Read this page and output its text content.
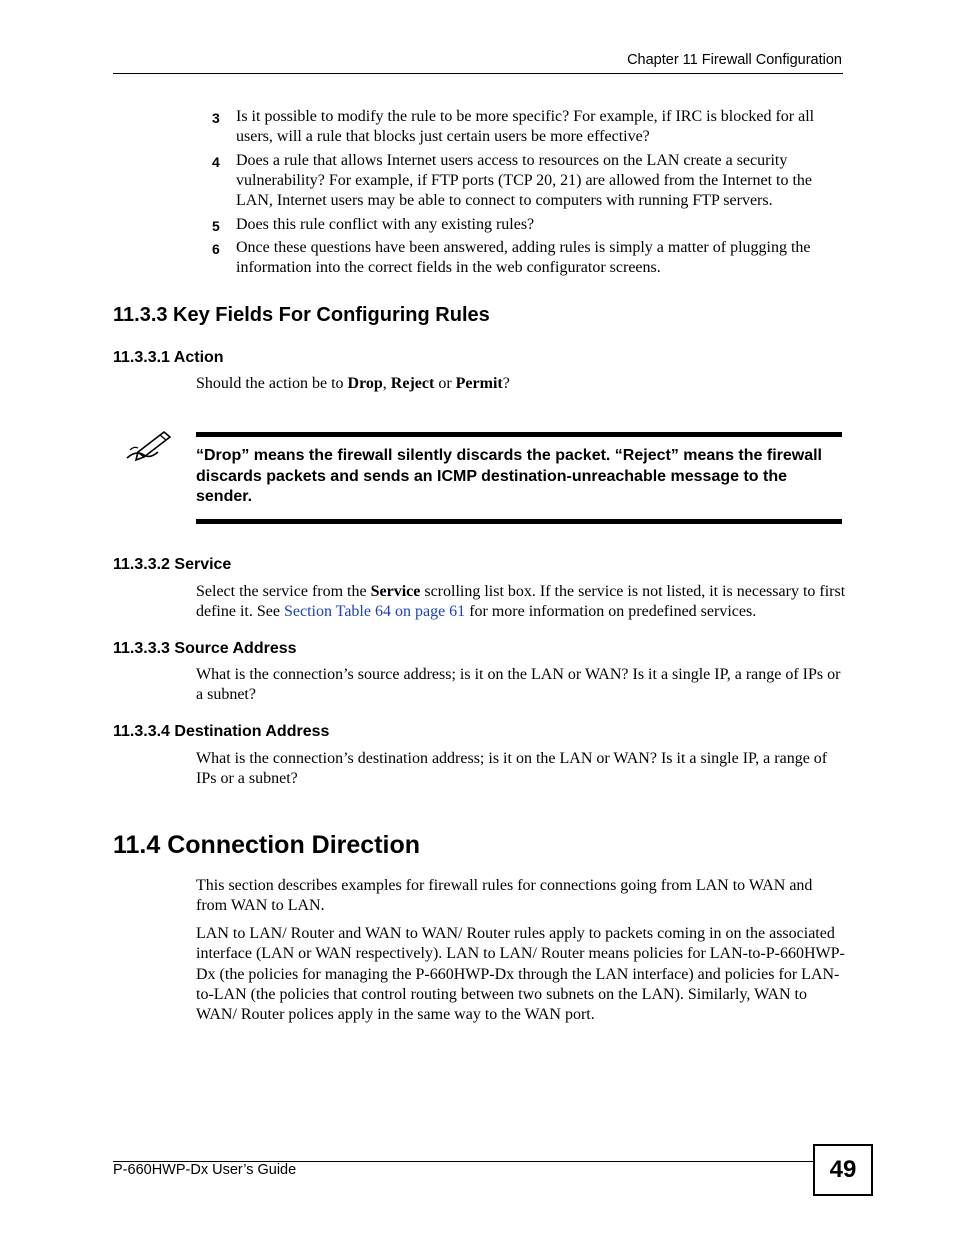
Chapter 11 Firewall Configuration
3 Is it possible to modify the rule to be more specific? For example, if IRC is blocked for all users, will a rule that blocks just certain users be more effective?
4 Does a rule that allows Internet users access to resources on the LAN create a security vulnerability? For example, if FTP ports (TCP 20, 21) are allowed from the Internet to the LAN, Internet users may be able to connect to computers with running FTP servers.
5 Does this rule conflict with any existing rules?
6 Once these questions have been answered, adding rules is simply a matter of plugging the information into the correct fields in the web configurator screens.
11.3.3 Key Fields For Configuring Rules
11.3.3.1 Action
Should the action be to Drop, Reject or Permit?
“Drop” means the firewall silently discards the packet. “Reject” means the firewall discards packets and sends an ICMP destination-unreachable message to the sender.
11.3.3.2 Service
Select the service from the Service scrolling list box. If the service is not listed, it is necessary to first define it. See Section Table 64 on page 61 for more information on predefined services.
11.3.3.3 Source Address
What is the connection’s source address; is it on the LAN or WAN? Is it a single IP, a range of IPs or a subnet?
11.3.3.4 Destination Address
What is the connection’s destination address; is it on the LAN or WAN? Is it a single IP, a range of IPs or a subnet?
11.4 Connection Direction
This section describes examples for firewall rules for connections going from LAN to WAN and from WAN to LAN.
LAN to LAN/ Router and WAN to WAN/ Router rules apply to packets coming in on the associated interface (LAN or WAN respectively). LAN to LAN/ Router means policies for LAN-to-P-660HWP-Dx (the policies for managing the P-660HWP-Dx through the LAN interface) and policies for LAN-to-LAN (the policies that control routing between two subnets on the LAN). Similarly, WAN to WAN/ Router polices apply in the same way to the WAN port.
P-660HWP-Dx User’s Guide	49
